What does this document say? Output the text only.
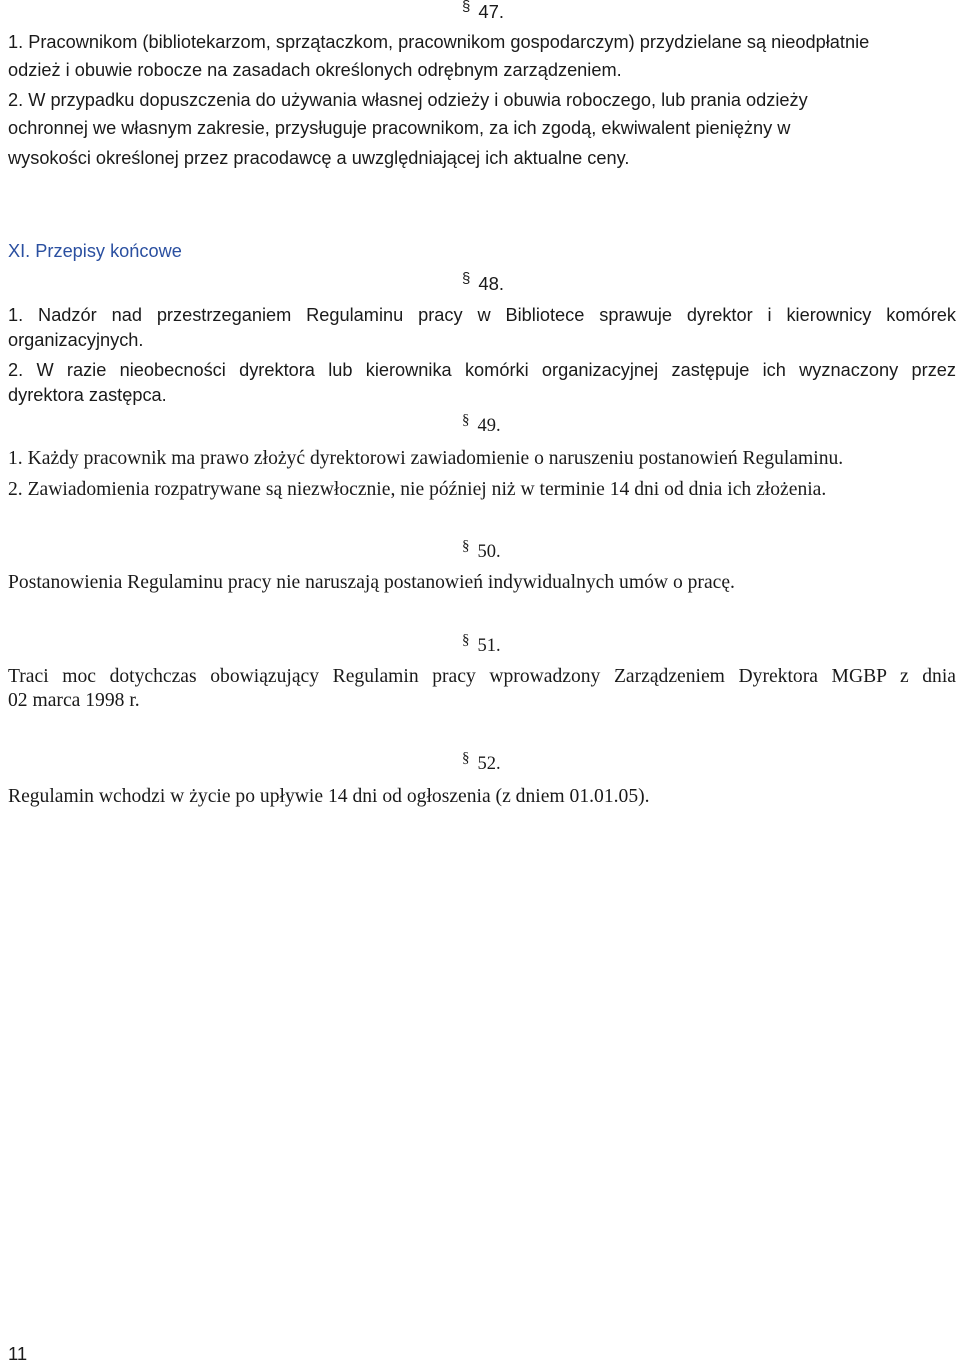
§ 47.
1. Pracownikom (bibliotekarzom, sprzątaczkom, pracownikom gospodarczym) przydzielane są nieodpłatnie
odzież i obuwie robocze na zasadach określonych odrębnym zarządzeniem.
2. W przypadku dopuszczenia do używania własnej odzieży i obuwia roboczego, lub prania odzieży
ochronnej we własnym zakresie, przysługuje pracownikom, za ich zgodą, ekwiwalent pieniężny w
wysokości określonej przez pracodawcę a uwzględniającej ich aktualne ceny.
XI. Przepisy końcowe
§ 48.
1. Nadzór nad przestrzeganiem Regulaminu pracy w Bibliotece sprawuje dyrektor i kierownicy komórek
organizacyjnych.
2. W razie nieobecności dyrektora lub kierownika komórki organizacyjnej zastępuje ich wyznaczony przez
dyrektora zastępca.
§ 49.
1. Każdy pracownik ma prawo złożyć dyrektorowi zawiadomienie o naruszeniu postanowień Regulaminu.
2. Zawiadomienia rozpatrywane są niezwłocznie, nie później niż w terminie 14 dni od dnia ich złożenia.
§ 50.
Postanowienia Regulaminu pracy nie naruszają postanowień indywidualnych umów o pracę.
§ 51.
Traci moc dotychczas obowiązujący Regulamin pracy wprowadzony Zarządzeniem Dyrektora MGBP z dnia
02 marca 1998 r.
§ 52.
Regulamin wchodzi w życie po upływie 14 dni od ogłoszenia (z dniem 01.01.05).
11
